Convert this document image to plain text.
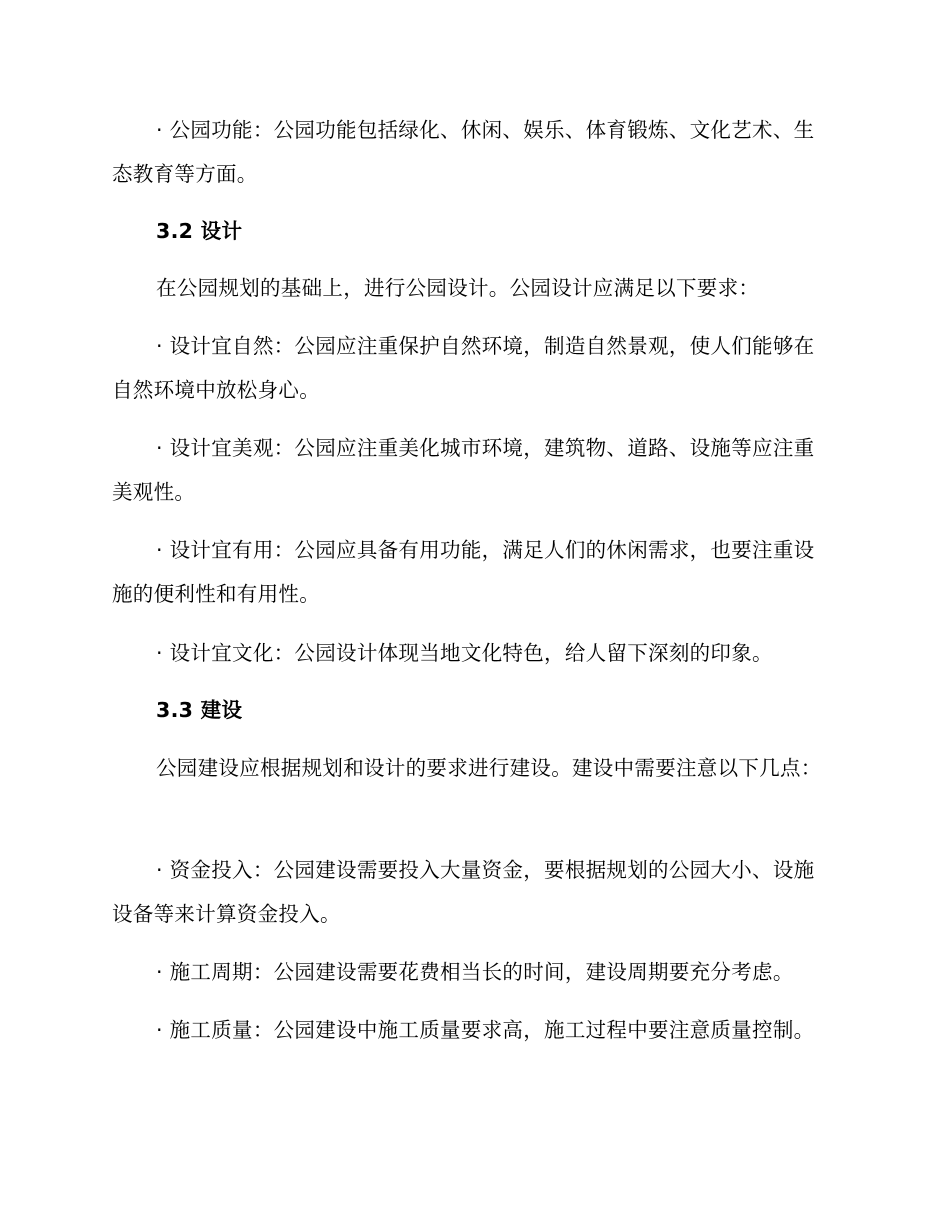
· 公园功能：公园功能包括绿化、休闲、娱乐、体育锻炼、文化艺术、生态教育等方面。
3.2 设计
在公园规划的基础上，进行公园设计。公园设计应满足以下要求：
· 设计宜自然：公园应注重保护自然环境，制造自然景观，使人们能够在自然环境中放松身心。
· 设计宜美观：公园应注重美化城市环境，建筑物、道路、设施等应注重美观性。
· 设计宜有用：公园应具备有用功能，满足人们的休闲需求，也要注重设施的便利性和有用性。
· 设计宜文化：公园设计体现当地文化特色，给人留下深刻的印象。
3.3 建设
公园建设应根据规划和设计的要求进行建设。建设中需要注意以下几点：
· 资金投入：公园建设需要投入大量资金，要根据规划的公园大小、设施设备等来计算资金投入。
· 施工周期：公园建设需要花费相当长的时间，建设周期要充分考虑。
· 施工质量：公园建设中施工质量要求高，施工过程中要注意质量控制。
